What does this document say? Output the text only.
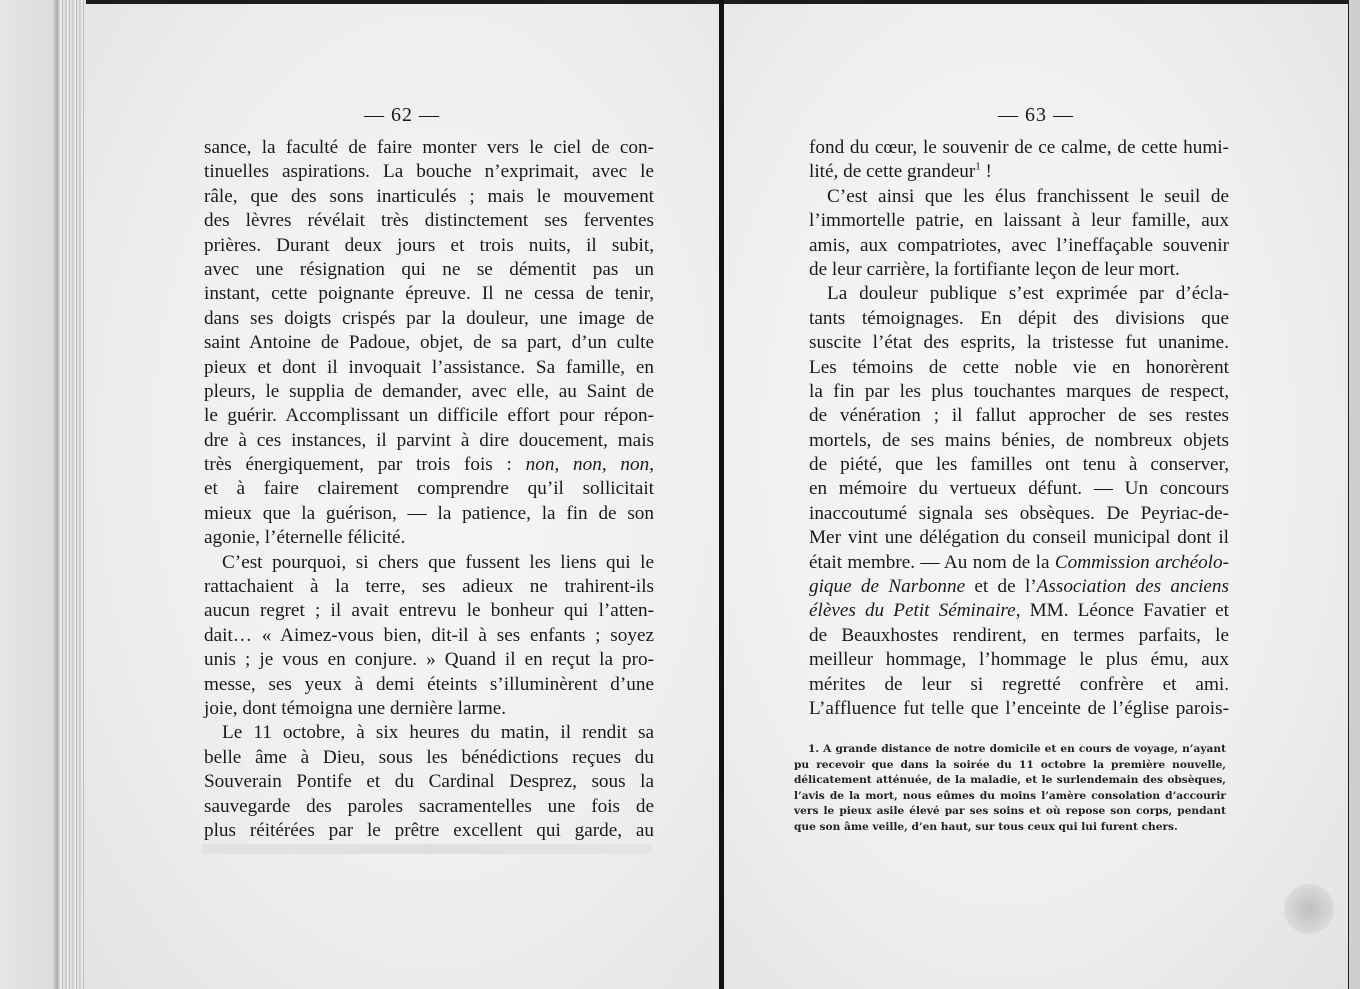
— 62 —
sance, la faculté de faire monter vers le ciel de con-
tinuelles aspirations. La bouche n’exprimait, avec le
râle, que des sons inarticulés ; mais le mouvement
des lèvres révélait très distinctement ses ferventes
prières. Durant deux jours et trois nuits, il subit,
avec une résignation qui ne se démentit pas un
instant, cette poignante épreuve. Il ne cessa de tenir,
dans ses doigts crispés par la douleur, une image de
saint Antoine de Padoue, objet, de sa part, d’un culte
pieux et dont il invoquait l’assistance. Sa famille, en
pleurs, le supplia de demander, avec elle, au Saint de
le guérir. Accomplissant un difficile effort pour répon-
dre à ces instances, il parvint à dire doucement, mais
très énergiquement, par trois fois : non, non, non,
et à faire clairement comprendre qu’il sollicitait
mieux que la guérison, — la patience, la fin de son
agonie, l’éternelle félicité.
C’est pourquoi, si chers que fussent les liens qui le
rattachaient à la terre, ses adieux ne trahirent-ils
aucun regret ; il avait entrevu le bonheur qui l’atten-
dait… « Aimez-vous bien, dit-il à ses enfants ; soyez
unis ; je vous en conjure. » Quand il en reçut la pro-
messe, ses yeux à demi éteints s’illuminèrent d’une
joie, dont témoigna une dernière larme.
Le 11 octobre, à six heures du matin, il rendit sa
belle âme à Dieu, sous les bénédictions reçues du
Souverain Pontife et du Cardinal Desprez, sous la
sauvegarde des paroles sacramentelles une fois de
plus réitérées par le prêtre excellent qui garde, au
— 63 —
fond du cœur, le souvenir de ce calme, de cette humi-
lité, de cette grandeur$^1$ !
C’est ainsi que les élus franchissent le seuil de
l’immortelle patrie, en laissant à leur famille, aux
amis, aux compatriotes, avec l’ineffaçable souvenir
de leur carrière, la fortifiante leçon de leur mort.
La douleur publique s’est exprimée par d’écla-
tants témoignages. En dépit des divisions que
suscite l’état des esprits, la tristesse fut unanime.
Les témoins de cette noble vie en honorèrent
la fin par les plus touchantes marques de respect,
de vénération ; il fallut approcher de ses restes
mortels, de ses mains bénies, de nombreux objets
de piété, que les familles ont tenu à conserver,
en mémoire du vertueux défunt. — Un concours
inaccoutumé signala ses obsèques. De Peyriac-de-
Mer vint une délégation du conseil municipal dont il
était membre. — Au nom de la Commission archéolo-
gique de Narbonne et de l’Association des anciens
élèves du Petit Séminaire, MM. Léonce Favatier et
de Beauxhostes rendirent, en termes parfaits, le
meilleur hommage, l’hommage le plus ému, aux
mérites de leur si regretté confrère et ami.
L’affluence fut telle que l’enceinte de l’église parois-
1. A grande distance de notre domicile et en cours de voyage, n’ayant
pu recevoir que dans la soirée du 11 octobre la première nouvelle,
délicatement atténuée, de la maladie, et le surlendemain des obsèques,
l’avis de la mort, nous eûmes du moins l’amère consolation d’accourir
vers le pieux asile élevé par ses soins et où repose son corps, pendant
que son âme veille, d’en haut, sur tous ceux qui lui furent chers.
